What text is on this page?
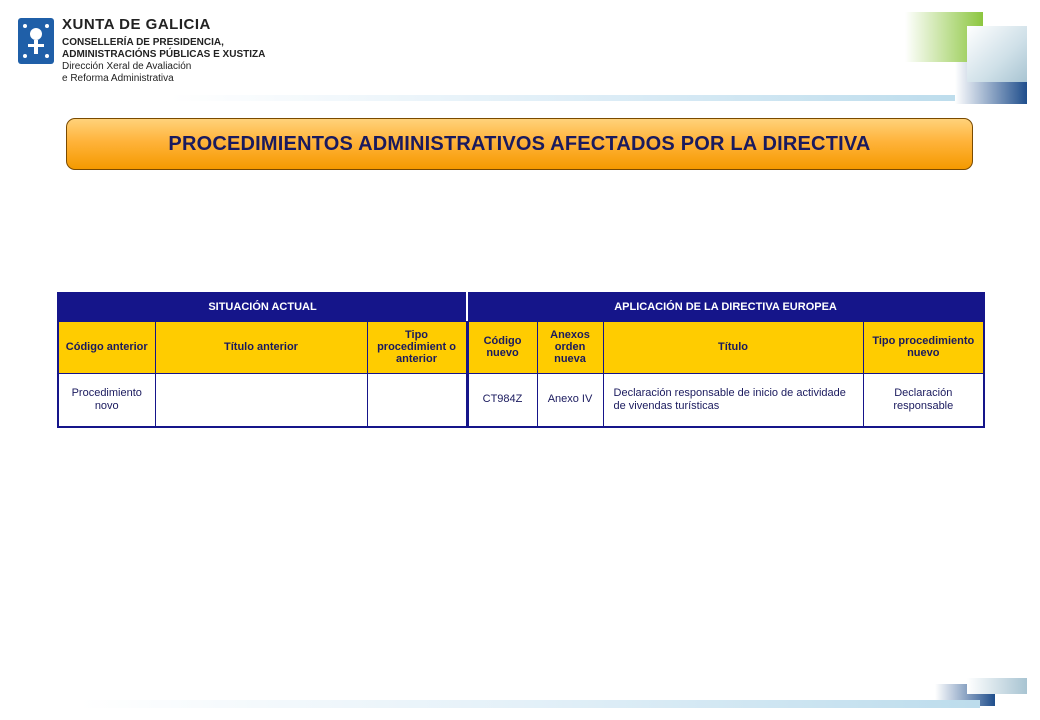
XUNTA DE GALICIA
CONSELLERÍA DE PRESIDENCIA,
ADMINISTRACIÓNS PÚBLICAS E XUSTIZA
Dirección Xeral de Avaliación
e Reforma Administrativa
PROCEDIMIENTOS ADMINISTRATIVOS AFECTADOS POR LA DIRECTIVA
SITUACIÓN ACTUAL			APLICACIÓN DE LA DIRECTIVA EUROPEA			
Código anterior	Título anterior	Tipo procedimient o anterior	Código nuevo	Anexos orden nueva	Título	Tipo procedimiento nuevo
Procedimiento novo			CT984Z	Anexo IV	Declaración responsable de inicio de actividade de vivendas turísticas	Declaración responsable
